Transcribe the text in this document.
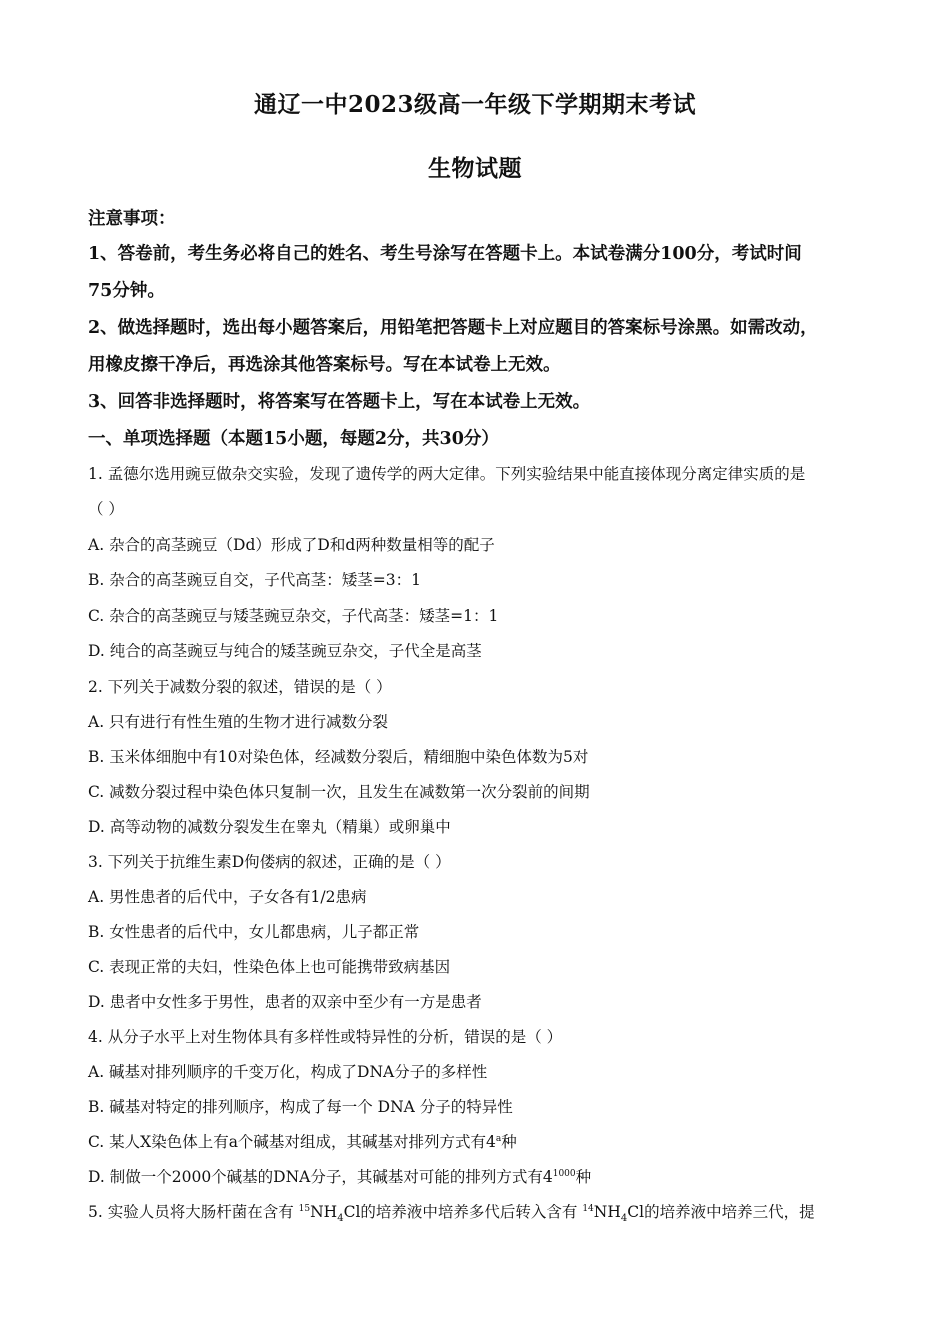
通辽一中2023级高一年级下学期期末考试
生物试题
注意事项：
1、答卷前，考生务必将自己的姓名、考生号涂写在答题卡上。本试卷满分100分，考试时间
75分钟。
2、做选择题时，选出每小题答案后，用铅笔把答题卡上对应题目的答案标号涂黑。如需改动，
用橡皮擦干净后，再选涂其他答案标号。写在本试卷上无效。
3、回答非选择题时，将答案写在答题卡上，写在本试卷上无效。
一、单项选择题（本题15小题，每题2分，共30分）
1. 孟德尔选用豌豆做杂交实验，发现了遗传学的两大定律。下列实验结果中能直接体现分离定律实质的是
（ ）
A. 杂合的高茎豌豆（Dd）形成了D和d两种数量相等的配子
B. 杂合的高茎豌豆自交，子代高茎：矮茎=3：1
C. 杂合的高茎豌豆与矮茎豌豆杂交，子代高茎：矮茎=1：1
D. 纯合的高茎豌豆与纯合的矮茎豌豆杂交，子代全是高茎
2. 下列关于减数分裂的叙述，错误的是（ ）
A. 只有进行有性生殖的生物才进行减数分裂
B. 玉米体细胞中有10对染色体，经减数分裂后，精细胞中染色体数为5对
C. 减数分裂过程中染色体只复制一次，且发生在减数第一次分裂前的间期
D. 高等动物的减数分裂发生在睾丸（精巢）或卵巢中
3. 下列关于抗维生素D佝偻病的叙述，正确的是（ ）
A. 男性患者的后代中，子女各有1/2患病
B. 女性患者的后代中，女儿都患病，儿子都正常
C. 表现正常的夫妇，性染色体上也可能携带致病基因
D. 患者中女性多于男性，患者的双亲中至少有一方是患者
4. 从分子水平上对生物体具有多样性或特异性的分析，错误的是（ ）
A. 碱基对排列顺序的千变万化，构成了DNA分子的多样性
B. 碱基对特定的排列顺序，构成了每一个 DNA 分子的特异性
C. 某人X染色体上有a个碱基对组成，其碱基对排列方式有4$^a$种
D. 制做一个2000个碱基的DNA分子，其碱基对可能的排列方式有$4^{1000}$种
5. 实验人员将大肠杆菌在含有 $^{15}NH_4Cl$的培养液中培养多代后转入含有 $^{14}NH_4Cl$的培养液中培养三代，提
